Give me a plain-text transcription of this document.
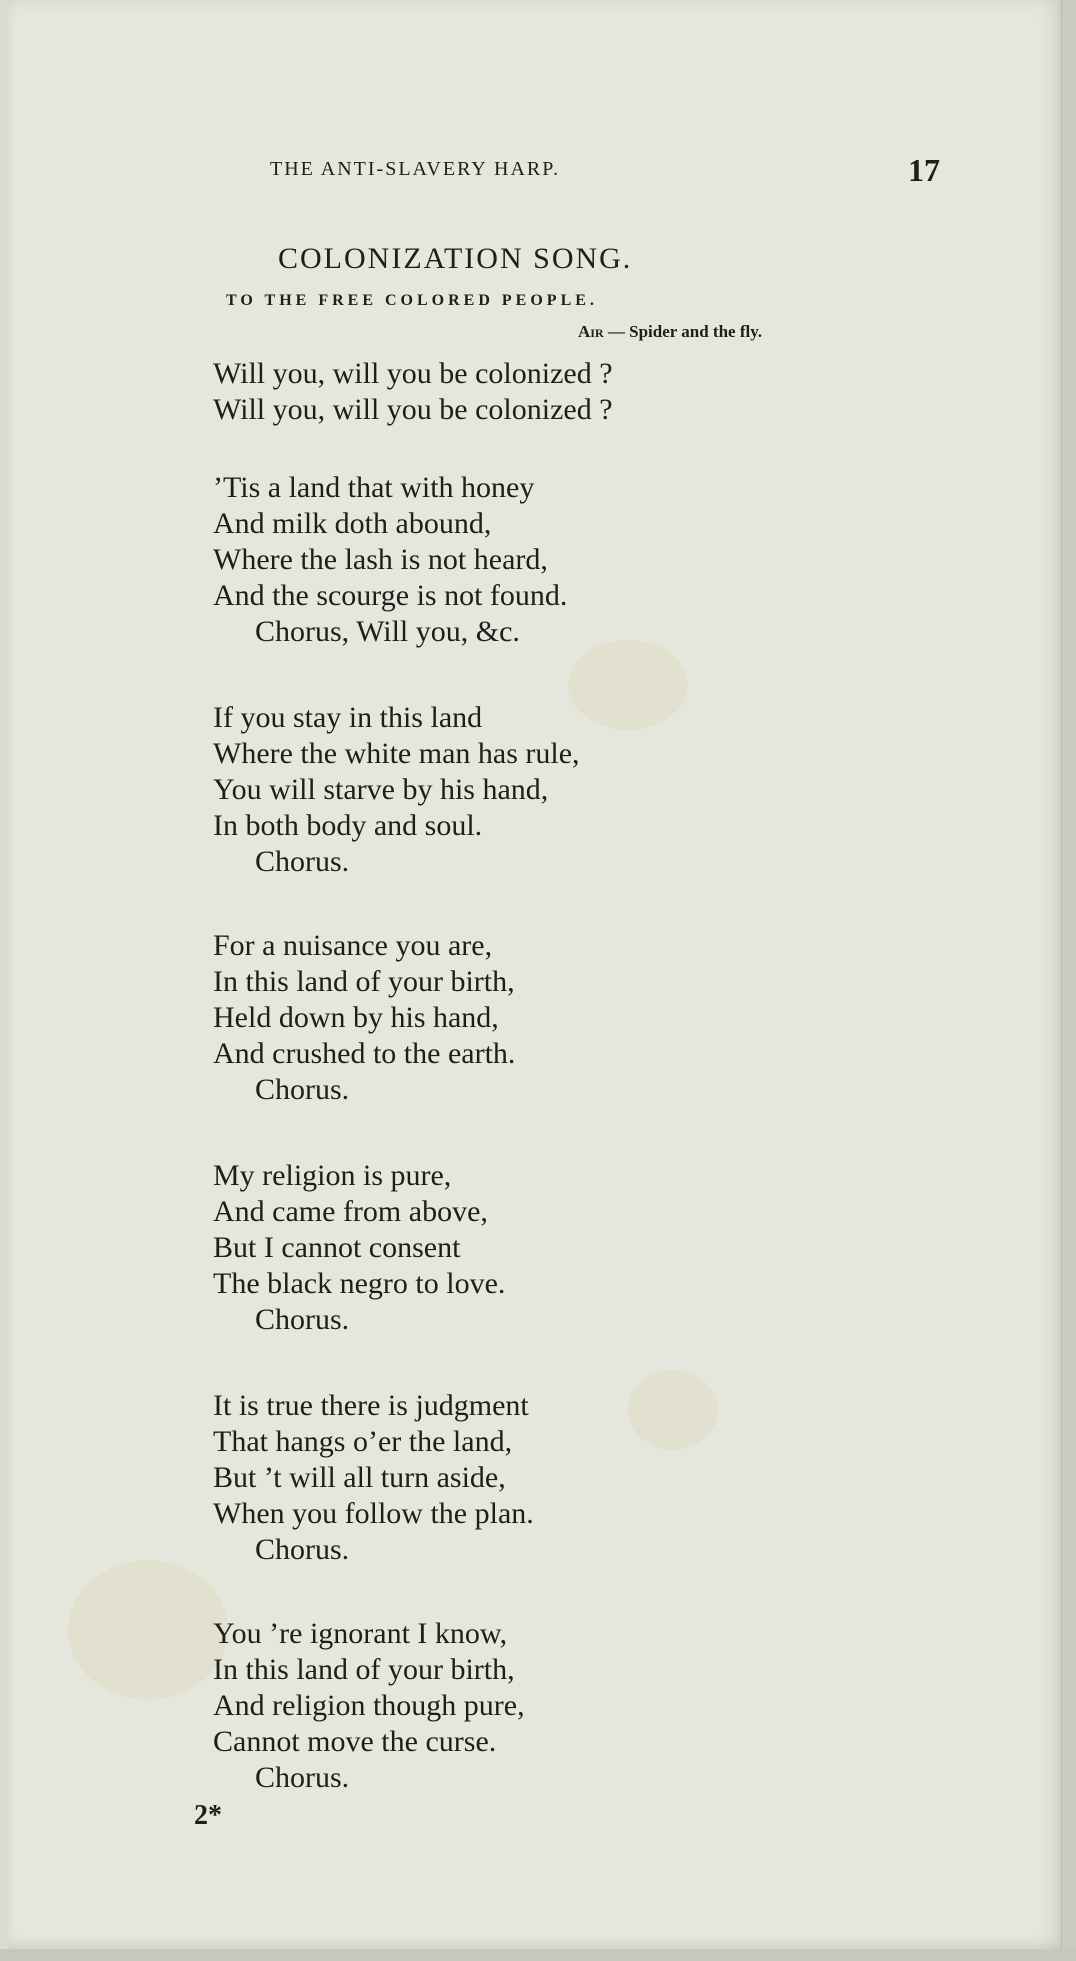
THE ANTI-SLAVERY HARP.	17
COLONIZATION SONG.
TO THE FREE COLORED PEOPLE.
Air — Spider and the fly.
Will you, will you be colonized ?
Will you, will you be colonized ?
’Tis a land that with honey
And milk doth abound,
Where the lash is not heard,
And the scourge is not found.
Chorus, Will you, &c.
If you stay in this land
Where the white man has rule,
You will starve by his hand,
In both body and soul.
Chorus.
For a nuisance you are,
In this land of your birth,
Held down by his hand,
And crushed to the earth.
Chorus.
My religion is pure,
And came from above,
But I cannot consent
The black negro to love.
Chorus.
It is true there is judgment
That hangs o’er the land,
But ’t will all turn aside,
When you follow the plan.
Chorus.
You ’re ignorant I know,
In this land of your birth,
And religion though pure,
Cannot move the curse.
Chorus.
2*
